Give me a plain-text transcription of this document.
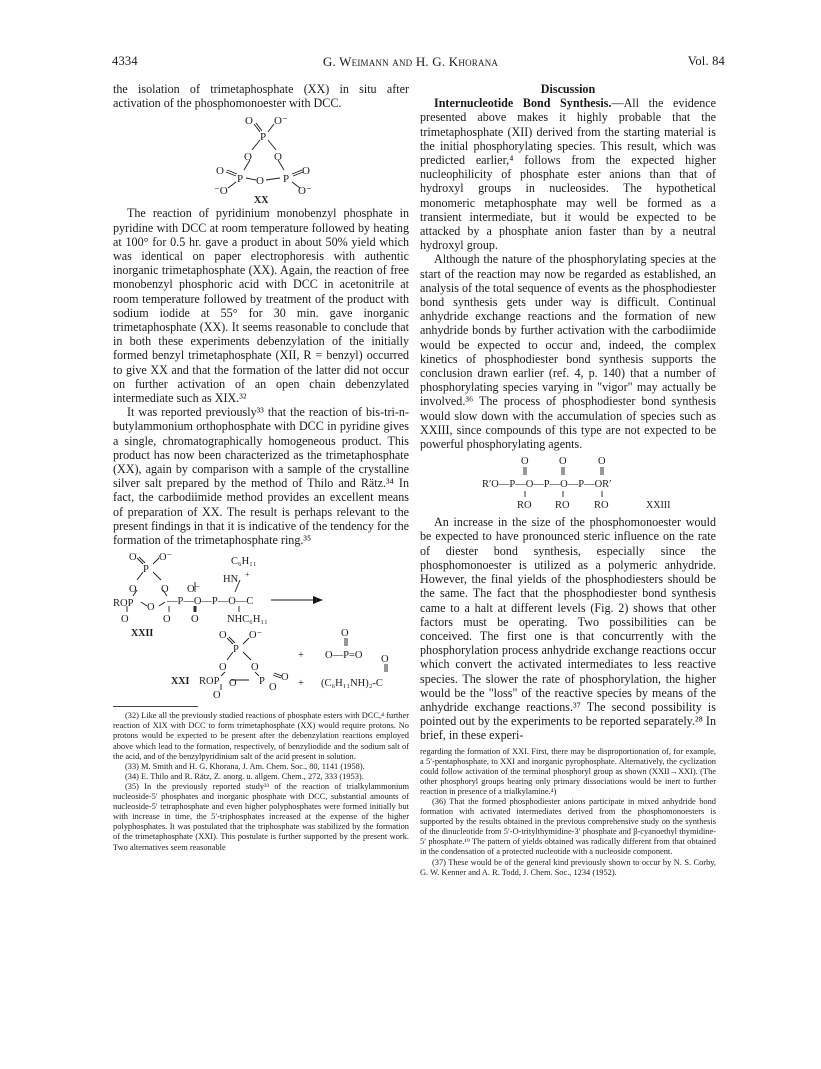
4334	G. Weimann and H. G. Khorana	Vol. 84

the isolation of trimetaphosphate (XX) in situ after activation of the phosphomonoester with DCC.

O O⁻
P
O O
O
P O P
O
⁻O	O⁻
XX

The reaction of pyridinium monobenzyl phosphate in pyridine with DCC at room temperature followed by heating at 100° for 0.5 hr. gave a product in about 50% yield which was identical on paper electrophoresis with authentic inorganic trimetaphosphate (XX). Again, the reaction of free monobenzyl phosphoric acid with DCC in acetonitrile at room temperature followed by treatment of the product with sodium iodide at 55° for 30 min. gave inorganic trimetaphosphate (XX). It seems reasonable to conclude that in both these experiments debenzylation of the initially formed benzyl trimetaphosphate (XII, R = benzyl) occurred to give XX and that the formation of the latter did not occur on further activation of an open chain debenzylated intermediate such as XIX.³²

It was reported previously³³ that the reaction of bis-tri-n-butylammonium orthophosphate with DCC in pyridine gives a single, chromatographically homogeneous product. This product has now been characterized as the trimetaphosphate (XX), again by comparison with a sample of the crystalline silver salt prepared by the method of Thilo and Rätz.³⁴ In fact, the carbodiimide method provides an excellent means of preparation of XX. The result is perhaps relevant to the present findings in that it is indicative of the tendency for the formation of the trimetaphosphate ring.³⁵

O O⁻
P
O O O⁻
C₆H₁₁
HN +
ROP O
—P—O—P—O—C
O	O O	NHC₆H₁₁
O O⁻
P
O
O O
+ O—P=O O
ROP O P O
O
O + (C₆H₁₁NH)₂-C
XXII
XXI

(32) Like all the previously studied reactions of phosphate esters with DCC,⁴ further reaction of XIX with DCC to form trimetaphosphate (XX) would require protons. No protons would be expected to be present after the debenzylation reactions employed above which lead to the formation, respectively, of benzyliodide and the sodium salt of the acid, and of the benzylpyridinium salt of the acid present in solution.

(33) M. Smith and H. G. Khorana, J. Am. Chem. Soc., 80, 1141 (1958).

(34) E. Thilo and R. Rätz, Z. anorg. u. allgem. Chem., 272, 333 (1953).

(35) In the previously reported study³³ of the reaction of trialkylammonium nucleoside-5′ phosphates and inorganic phosphate with DCC, substantial amounts of nucleoside-5′ tetraphosphate and even higher polyphosphates were formed initially but with increase in time, the 5′-triphosphates increased at the expense of the higher polyphosphates. It was postulated that the triphosphate was stabilized by the formation of the trimetaphosphate (XXI). This postulate is further supported by the present work. Two alternatives seem reasonable

Discussion

Internucleotide Bond Synthesis.—All the evidence presented above makes it highly probable that the trimetaphosphate (XII) derived from the starting material is the initial phosphorylating species. This result, which was predicted earlier,⁴ follows from the expected higher nucleophilicity of phosphate ester anions than that of hydroxyl groups in nucleosides. The hypothetical monomeric metaphosphate may well be formed as a transient intermediate, but it would be expected to be attacked by a phosphate anion faster than by a neutral hydroxyl group.

Although the nature of the phosphorylating species at the start of the reaction may now be regarded as established, an analysis of the total sequence of events as the phosphodiester bond synthesis gets under way is difficult. Continual anhydride exchange reactions and the formation of new anhydride bonds by further activation with the carbodiimide would be expected to occur and, indeed, the complex kinetics of phosphodiester bond synthesis supports the conclusion drawn earlier (ref. 4, p. 140) that a number of phosphorylating species varying in "vigor" may actually be involved.³⁶ The process of phosphodiester bond synthesis would slow down with the accumulation of species such as XXIII, since compounds of this type are not expected to be powerful phosphorylating agents.

O	O	O
R′O—P—O—P—O—P—OR′
RO RO RO	XXIII

An increase in the size of the phosphomonoester would be expected to have pronounced steric influence on the rate of diester bond synthesis, especially since the phosphomonoester is utilized as a polymeric anhydride. However, the final yields of the phosphodiesters should be the same. The fact that the phosphodiester bond synthesis came to a halt at different levels (Fig. 2) shows that other factors must be operating. Two possibilities can be conceived. The first one is that concurrently with the phosphorylation process anhydride exchange reactions occur which convert the activated intermediates to less reactive species. The slower the rate of phosphorylation, the higher would be the "loss" of the reactive species by means of the anhydride exchange reactions.³⁷ The second possibility is pointed out by the experiments to be reported separately.²⁸ In brief, in these experi-

regarding the formation of XXI. First, there may be disproportionation of, for example, a 5′-pentaphosphate, to XXI and inorganic pyrophosphate. Alternatively, the cyclization could follow activation of the terminal phosphoryl group as shown (XXII→XXI). (The other phosphoryl groups bearing only primary dissociations would be inert to further reaction in presence of a trialkylamine.⁴)

(36) That the formed phosphodiester anions participate in mixed anhydride bond formation with activated intermediates derived from the phosphomonoesters is supported by the results obtained in the previous comprehensive study on the synthesis of the dinucleotide from 5′-O-tritylthymidine-3′ phosphate and β-cyanoethyl thymidine-5′ phosphate.¹⁹ The pattern of yields obtained was radically different from that obtained in the condensation of a protected nucleotide with a nucleoside component.

(37) These would be of the general kind previously shown to occur by N. S. Corby, G. W. Kenner and A. R. Todd, J. Chem. Soc., 1234 (1952).
